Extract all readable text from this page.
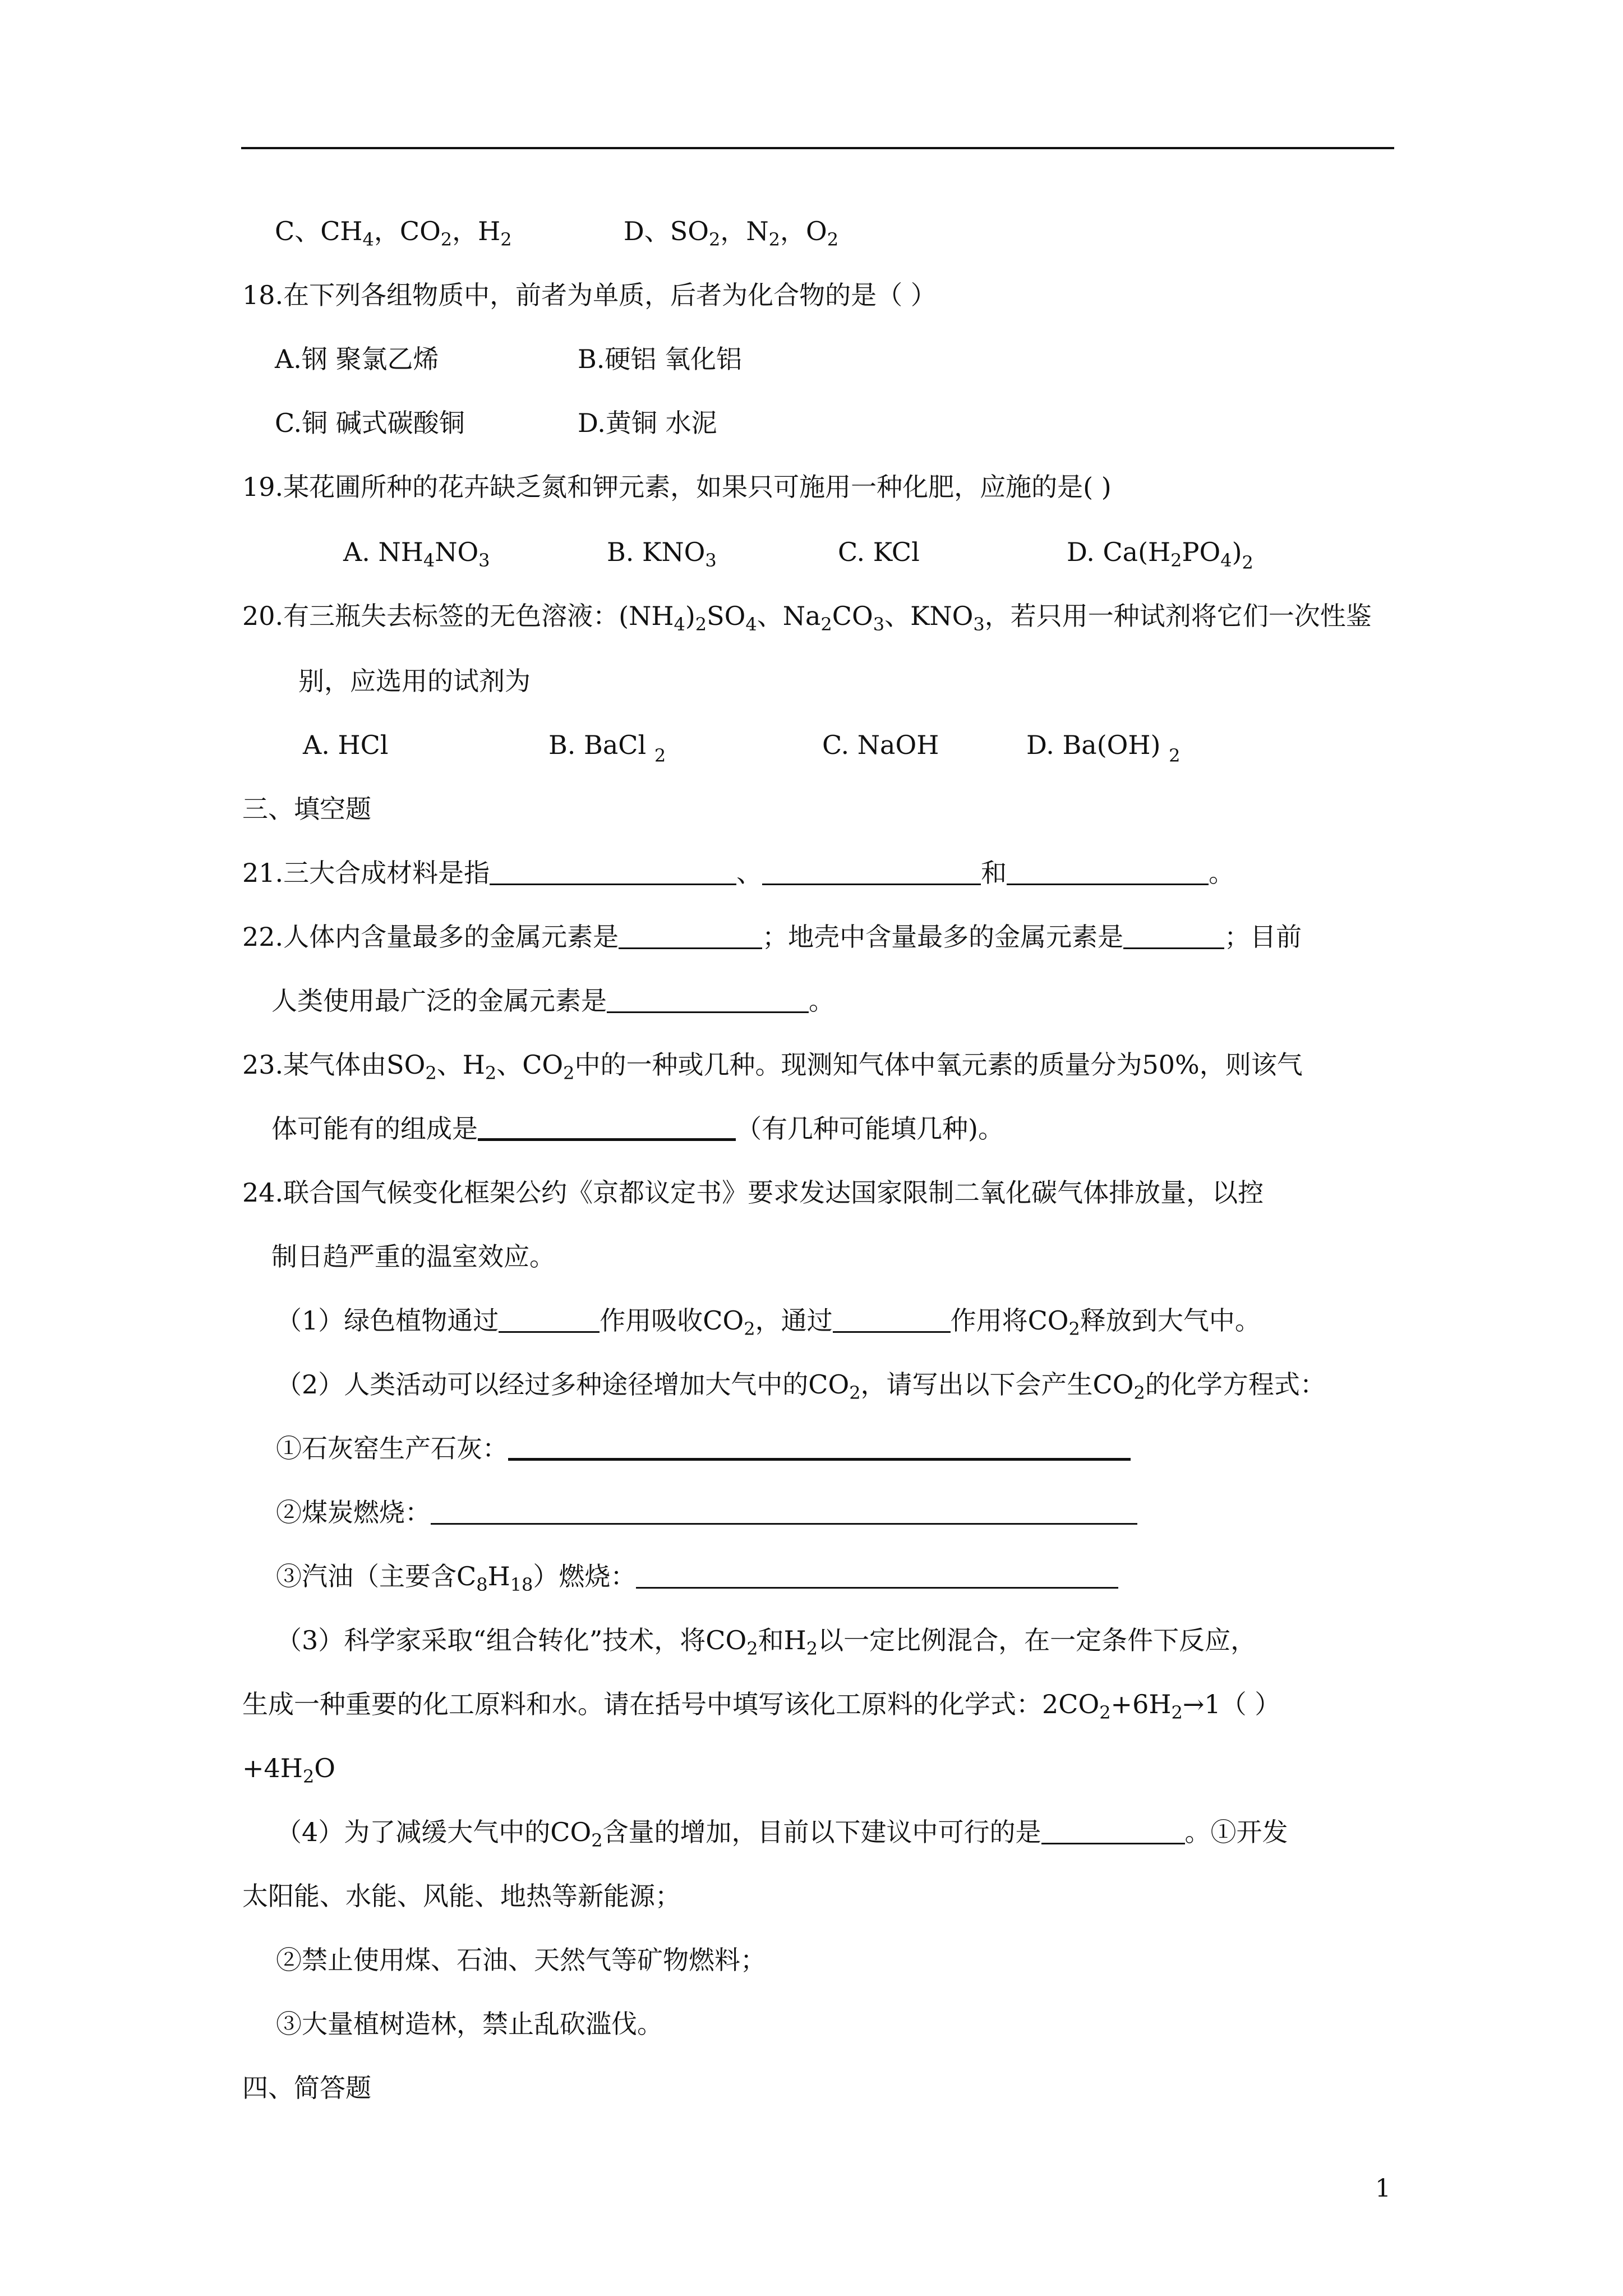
C、$CH_4$，$CO_2$，$H_2$	D、$SO_2$，$N_2$，$O_2$
18.在下列各组物质中，前者为单质，后者为化合物的是（ ）
A.钢 聚氯乙烯	B.硬铝 氧化铝
C.铜 碱式碳酸铜	D.黄铜 水泥
19.某花圃所种的花卉缺乏氮和钾元素，如果只可施用一种化肥，应施的是( )
A. $NH_4NO_3$	B. $KNO_3$	C. KCl	D. $Ca(H_2PO_4)_2$
20.有三瓶失去标签的无色溶液：$(NH_4)_2SO_4$、$Na_2CO_3$、$KNO_3$，若只用一种试剂将它们一次性鉴
别，应选用的试剂为
A. HCl	B. BaCl $_2$	C. NaOH	D. Ba(OH) $_2$
三、填空题
21.三大合成材料是指	、	和	。
22.人体内含量最多的金属元素是	；地壳中含量最多的金属元素是	；目前
人类使用最广泛的金属元素是	。
23.某气体由$SO_2$、$H_2$、$CO_2$中的一种或几种。现测知气体中氧元素的质量分为50%，则该气
体可能有的组成是	（有几种可能填几种)。
24.联合国气候变化框架公约《京都议定书》要求发达国家限制二氧化碳气体排放量，以控
制日趋严重的温室效应。
（1）绿色植物通过	作用吸收$CO_2$，通过	作用将$CO_2$释放到大气中。
（2）人类活动可以经过多种途径增加大气中的$CO_2$，请写出以下会产生$CO_2$的化学方程式：
①石灰窑生产石灰：
②煤炭燃烧：
③汽油（主要含$C_8H_{18}$）燃烧：
（3）科学家采取“组合转化”技术，将$CO_2$和$H_2$以一定比例混合，在一定条件下反应，
生成一种重要的化工原料和水。请在括号中填写该化工原料的化学式：$2CO_2+6H_2\to 1$（ ）
$+4H_2O$
（4）为了减缓大气中的$CO_2$含量的增加，目前以下建议中可行的是	。①开发
太阳能、水能、风能、地热等新能源；
②禁止使用煤、石油、天然气等矿物燃料；
③大量植树造林，禁止乱砍滥伐。
四、简答题
1
